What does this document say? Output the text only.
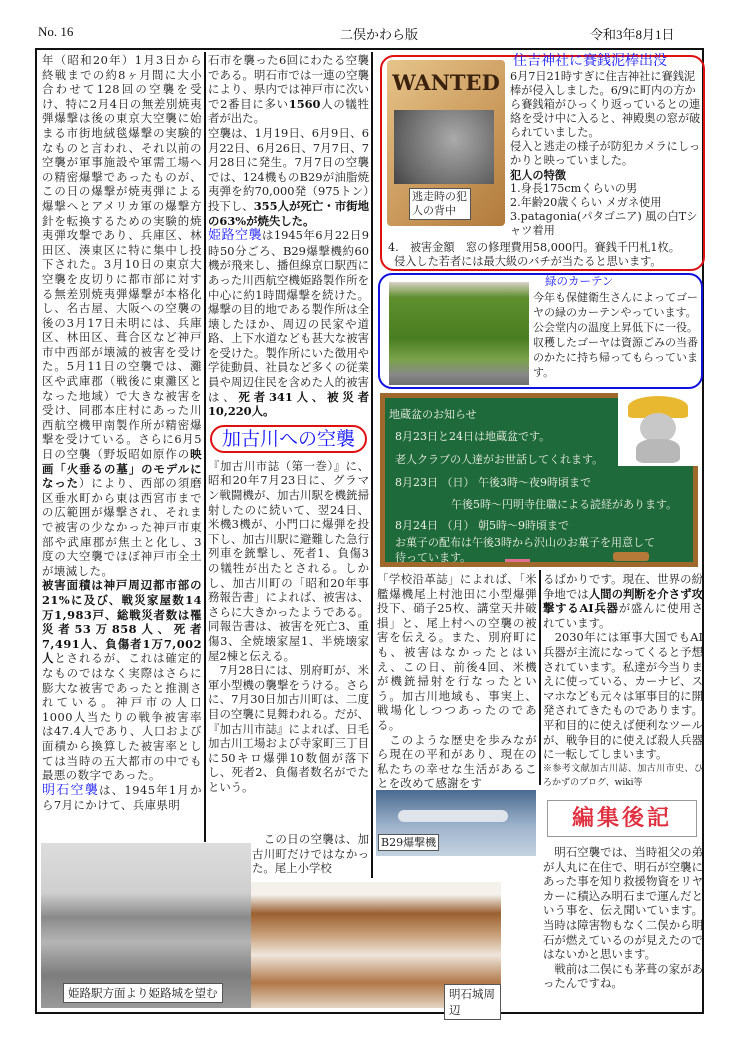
No. 16	二俣かわら版	令和3年8月1日

年（昭和20年）1月3日から終戦までの約8ヶ月間に大小合わせて128回の空襲を受け、特に2月4日の無差別焼夷弾爆撃は後の東京大空襲に始まる市街地絨毯爆撃の実験的なものと言われ、それ以前の空襲が軍事施設や軍需工場への精密爆撃であったものが、この日の爆撃が焼夷弾による爆撃へとアメリカ軍の爆撃方針を転換するための実験的焼夷弾攻撃であり、兵庫区、林田区、湊東区に特に集中し投下された。3月10日の東京大空襲を皮切りに都市部に対する無差別焼夷弾爆撃が本格化し、名古屋、大阪への空襲の後の3月17日未明には、兵庫区、林田区、葺合区など神戸市中西部が壊滅的被害を受けた。5月11日の空襲では、灘区や武庫郡（戦後に東灘区となった地域）で大きな被害を受け、同郡本庄村にあった川西航空機甲南製作所が精密爆撃を受けている。さらに6月5日の空襲（野坂昭如原作の映画「火垂るの墓」のモデルになった）により、西部の須磨区垂水町から東は西宮市までの広範囲が爆撃され、それまで被害の少なかった神戸市東部や武庫郡が焦土と化し、3度の大空襲でほぼ神戸市全土が壊滅した。

被害面積は神戸周辺都市部の21%に及び、戦災家屋数14万1,983戸、総戦災者数は罹災者53万858人、死者7,491人、負傷者1万7,002人とされるが、これは確定的なものではなく実際はさらに膨大な被害であったと推測されている。神戸市の人口1000人当たりの戦争被害率は47.4人であり、人口および面積から換算した被害率としては当時の五大都市の中でも最悪の数字であった。

明石空襲は、1945年1月から7月にかけて、兵庫県明

石市を襲った6回にわたる空襲である。明石市では一連の空襲により、県内では神戸市に次いで2番目に多い1560人の犠牲者が出た。

空襲は、1月19日、6月9日、6月22日、6月26日、7月7日、7月28日に発生。7月7日の空襲では、124機ものB29が油脂焼夷弾を約70,000発（975トン）投下し、355人が死亡・市街地の63%が焼失した。

姫路空襲は1945年6月22日9時50分ごろ、B29爆撃機約60機が飛来し、播但線京口駅西にあった川西航空機姫路製作所を中心に約1時間爆撃を続けた。爆撃の目的地である製作所は全壊したほか、周辺の民家や道路、上下水道なども甚大な被害を受けた。製作所にいた徴用や学徒動員、社員など多くの従業員や周辺住民を含めた人的被害は、死者341人、被災者10,220人。

加古川への空襲

『加古川市誌（第一巻）』に、昭和20年7月23日に、グラマン戦闘機が、加古川駅を機銃掃射したのに続いて、翌24日、米機3機が、小門口に爆弾を投下し、加古川駅に避難した急行列車を銃撃し、死者1、負傷3の犠牲が出たとされる。しかし、加古川町の「昭和20年事務報告書」によれば、被害は、さらに大きかったようである。同報告書は、被害を死亡3、重傷3、全焼壊家屋1、半焼壊家屋2棟と伝える。

　7月28日には、別府町が、米軍小型機の襲撃をうける。さらに、7月30日加古川町は、二度目の空襲に見舞われる。だが、『加古川市誌』によれば、日毛加古川工場および寺家町三丁目に50キロ爆弾10数個が落下し、死者2、負傷者数名がでたという。

　この日の空襲は、加古川町だけではなかった。尾上小学校
WANTED
逃走時の犯人の背中
住吉神社に賽銭泥棒出没

6月7日21時すぎに住吉神社に賽銭泥棒が侵入しました。6/9に町内の方から賽銭箱がひっくり返っているとの連絡を受け中に入ると、神殿奥の窓が破られていました。

侵入と逃走の様子が防犯カメラにしっかりと映っていました。

犯人の特徴

1.身長175cmくらいの男

2.年齢20歳くらい メガネ使用

3.patagonia(パタゴニア) 風の白Tシャツ着用

4.　被害金額　窓の修理費用58,000円。賽銭千円札1枚。

侵入した若者には最大級のバチが当たると思います。

緑のカーテン
今年も保健衛生さんによってゴーヤの緑のカーテンやっています。公会堂内の温度上昇低下に一役。収穫したゴーヤは資源ごみの当番のかたに持ち帰ってもらっています。
地蔵盆のお知らせ
8月23日と24日は地蔵盆です。
老人クラブの人達がお世話してくれます。
8月23日 （日） 午後3時～夜9時頃まで
午後5時～円明寺住職による読経があります。
8月24日 （月） 朝5時～9時頃まで
お菓子の配布は午後3時から沢山のお菓子を用意して
待っています。

「学校沿革誌」によれば、「米艦爆機尾上村池田に小型爆弾投下、硝子25枚、講堂天井破損」と、尾上村への空襲の被害を伝える。また、別府町にも、被害はなかったとはいえ、この日、前後4回、米機が機銃掃射を行なったという。加古川地域も、事実上、戦場化しつつあったのである。

　このような歴史を歩みながら現在の平和があり、現在の私たちの幸せな生活があることを改めて感謝をす

B29爆撃機

るばかりです。現在、世界の紛争地では人間の判断を介さず攻撃するAI兵器が盛んに使用されています。

　2030年には軍事大国でもAI兵器が主流になってくると予想されています。私達が今当りまえに使っている、カーナビ、スマホなども元々は軍事目的に開発されてきたものであります。平和目的に使えば便利なツールが、戦争目的に使えば殺人兵器に一転してしまいます。

※参考文献加古川誌、加古川市史、ひろかずのブログ、wiki等

編集後記

　明石空襲では、当時祖父の弟が人丸に在住で、明石が空襲にあった事を知り救援物資をリヤカーに積込み明石まで運んだという事を、伝え聞いています。当時は障害物もなく二俣から明石が燃えているのが見えたのではないかと思います。

　戦前は二俣にも茅葺の家があったんですね。

姫路駅方面より姫路城を望む	明石城周辺
